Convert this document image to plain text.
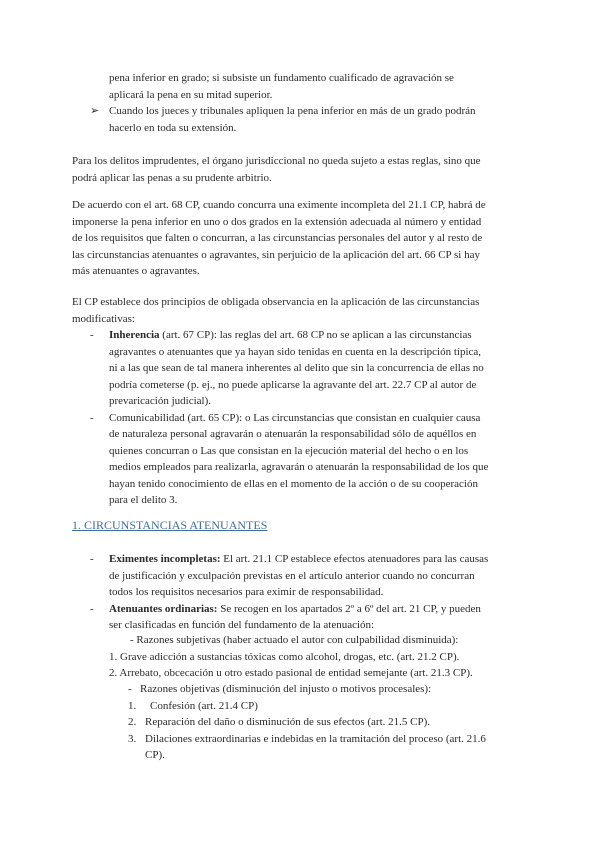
pena inferior en grado; si subsiste un fundamento cualificado de agravación se
aplicará la pena en su mitad superior.
➢ Cuando los jueces y tribunales apliquen la pena inferior en más de un grado podrán
hacerlo en toda su extensión.
Para los delitos imprudentes, el órgano jurisdiccional no queda sujeto a estas reglas, sino que
podrá aplicar las penas a su prudente arbitrio.
De acuerdo con el art. 68 CP, cuando concurra una eximente incompleta del 21.1 CP, habrá de
imponerse la pena inferior en uno o dos grados en la extensión adecuada al número y entidad
de los requisitos que falten o concurran, a las circunstancias personales del autor y al resto de
las circunstancias atenuantes o agravantes, sin perjuicio de la aplicación del art. 66 CP si hay
más atenuantes o agravantes.
El CP establece dos principios de obligada observancia en la aplicación de las circunstancias
modificativas:
- Inherencia (art. 67 CP): las reglas del art. 68 CP no se aplican a las circunstancias
agravantes o atenuantes que ya hayan sido tenidas en cuenta en la descripción típica,
ni a las que sean de tal manera inherentes al delito que sin la concurrencia de ellas no
podría cometerse (p. ej., no puede aplicarse la agravante del art. 22.7 CP al autor de
prevaricación judicial).
- Comunicabilidad (art. 65 CP): o Las circunstancias que consistan en cualquier causa
de naturaleza personal agravarán o atenuarán la responsabilidad sólo de aquéllos en
quienes concurran o Las que consistan en la ejecución material del hecho o en los
medios empleados para realizarla, agravarán o atenuarán la responsabilidad de los que
hayan tenido conocimiento de ellas en el momento de la acción o de su cooperación
para el delito 3.
1. CIRCUNSTANCIAS ATENUANTES
- Eximentes incompletas: El art. 21.1 CP establece efectos atenuadores para las causas
de justificación y exculpación previstas en el artículo anterior cuando no concurran
todos los requisitos necesarios para eximir de responsabilidad.
- Atenuantes ordinarias: Se recogen en los apartados 2º a 6º del art. 21 CP, y pueden
ser clasificadas en función del fundamento de la atenuación:
- Razones subjetivas (haber actuado el autor con culpabilidad disminuida):
1. Grave adicción a sustancias tóxicas como alcohol, drogas, etc. (art. 21.2 CP).
2. Arrebato, obcecación u otro estado pasional de entidad semejante (art. 21.3 CP).
- Razones objetivas (disminución del injusto o motivos procesales):
1.	Confesión (art. 21.4 CP)
2. Reparación del daño o disminución de sus efectos (art. 21.5 CP).
3. Dilaciones extraordinarias e indebidas en la tramitación del proceso (art. 21.6
CP).
